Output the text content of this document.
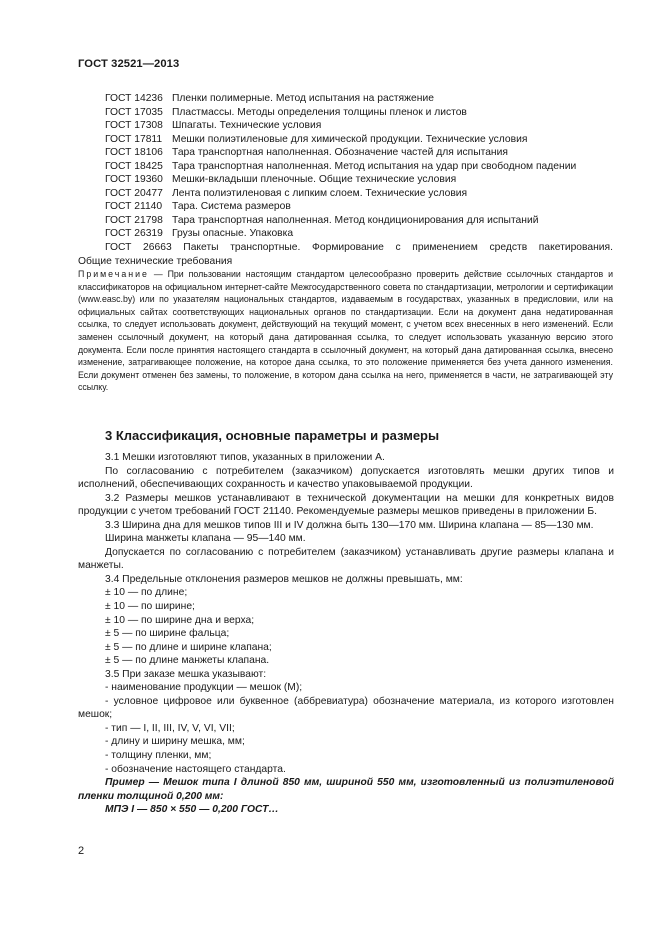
ГОСТ 32521—2013
ГОСТ 14236 Пленки полимерные. Метод испытания на растяжение
ГОСТ 17035 Пластмассы. Методы определения толщины пленок и листов
ГОСТ 17308 Шпагаты. Технические условия
ГОСТ 17811 Мешки полиэтиленовые для химической продукции. Технические условия
ГОСТ 18106 Тара транспортная наполненная. Обозначение частей для испытания
ГОСТ 18425 Тара транспортная наполненная. Метод испытания на удар при свободном падении
ГОСТ 19360 Мешки-вкладыши пленочные. Общие технические условия
ГОСТ 20477 Лента полиэтиленовая с липким слоем. Технические условия
ГОСТ 21140 Тара. Система размеров
ГОСТ 21798 Тара транспортная наполненная. Метод кондиционирования для испытаний
ГОСТ 26319 Грузы опасные. Упаковка
ГОСТ 26663 Пакеты транспортные. Формирование с применением средств пакетирования.
Общие технические требования
Примечание — При пользовании настоящим стандартом целесообразно проверить действие ссылочных стандартов и классификаторов на официальном интернет-сайте Межгосударственного совета по стандартизации, метрологии и сертификации (www.easc.by) или по указателям национальных стандартов, издаваемым в государствах, указанных в предисловии, или на официальных сайтах соответствующих национальных органов по стандартизации. Если на документ дана недатированная ссылка, то следует использовать документ, действующий на текущий момент, с учетом всех внесенных в него изменений. Если заменен ссылочный документ, на который дана датированная ссылка, то следует использовать указанную версию этого документа. Если после принятия настоящего стандарта в ссылочный документ, на который дана датированная ссылка, внесено изменение, затрагивающее положение, на которое дана ссылка, то это положение применяется без учета данного изменения. Если документ отменен без замены, то положение, в котором дана ссылка на него, применяется в части, не затрагивающей эту ссылку.
3 Классификация, основные параметры и размеры
3.1 Мешки изготовляют типов, указанных в приложении А.
По согласованию с потребителем (заказчиком) допускается изготовлять мешки других типов и исполнений, обеспечивающих сохранность и качество упаковываемой продукции.
3.2 Размеры мешков устанавливают в технической документации на мешки для конкретных видов продукции с учетом требований ГОСТ 21140. Рекомендуемые размеры мешков приведены в приложении Б.
3.3 Ширина дна для мешков типов III и IV должна быть 130—170 мм. Ширина клапана — 85—130 мм.
Ширина манжеты клапана — 95—140 мм.
Допускается по согласованию с потребителем (заказчиком) устанавливать другие размеры клапана и манжеты.
3.4 Предельные отклонения размеров мешков не должны превышать, мм:
± 10 — по длине;
± 10 — по ширине;
± 10 — по ширине дна и верха;
± 5 — по ширине фальца;
± 5 — по длине и ширине клапана;
± 5 — по длине манжеты клапана.
3.5 При заказе мешка указывают:
- наименование продукции — мешок (М);
- условное цифровое или буквенное (аббревиатура) обозначение материала, из которого изготовлен мешок;
- тип — I, II, III, IV, V, VI, VII;
- длину и ширину мешка, мм;
- толщину пленки, мм;
- обозначение настоящего стандарта.
Пример — Мешок типа I длиной 850 мм, шириной 550 мм, изготовленный из полиэтиленовой пленки толщиной 0,200 мм:
МПЭ I — 850 × 550 — 0,200 ГОСТ…
2
